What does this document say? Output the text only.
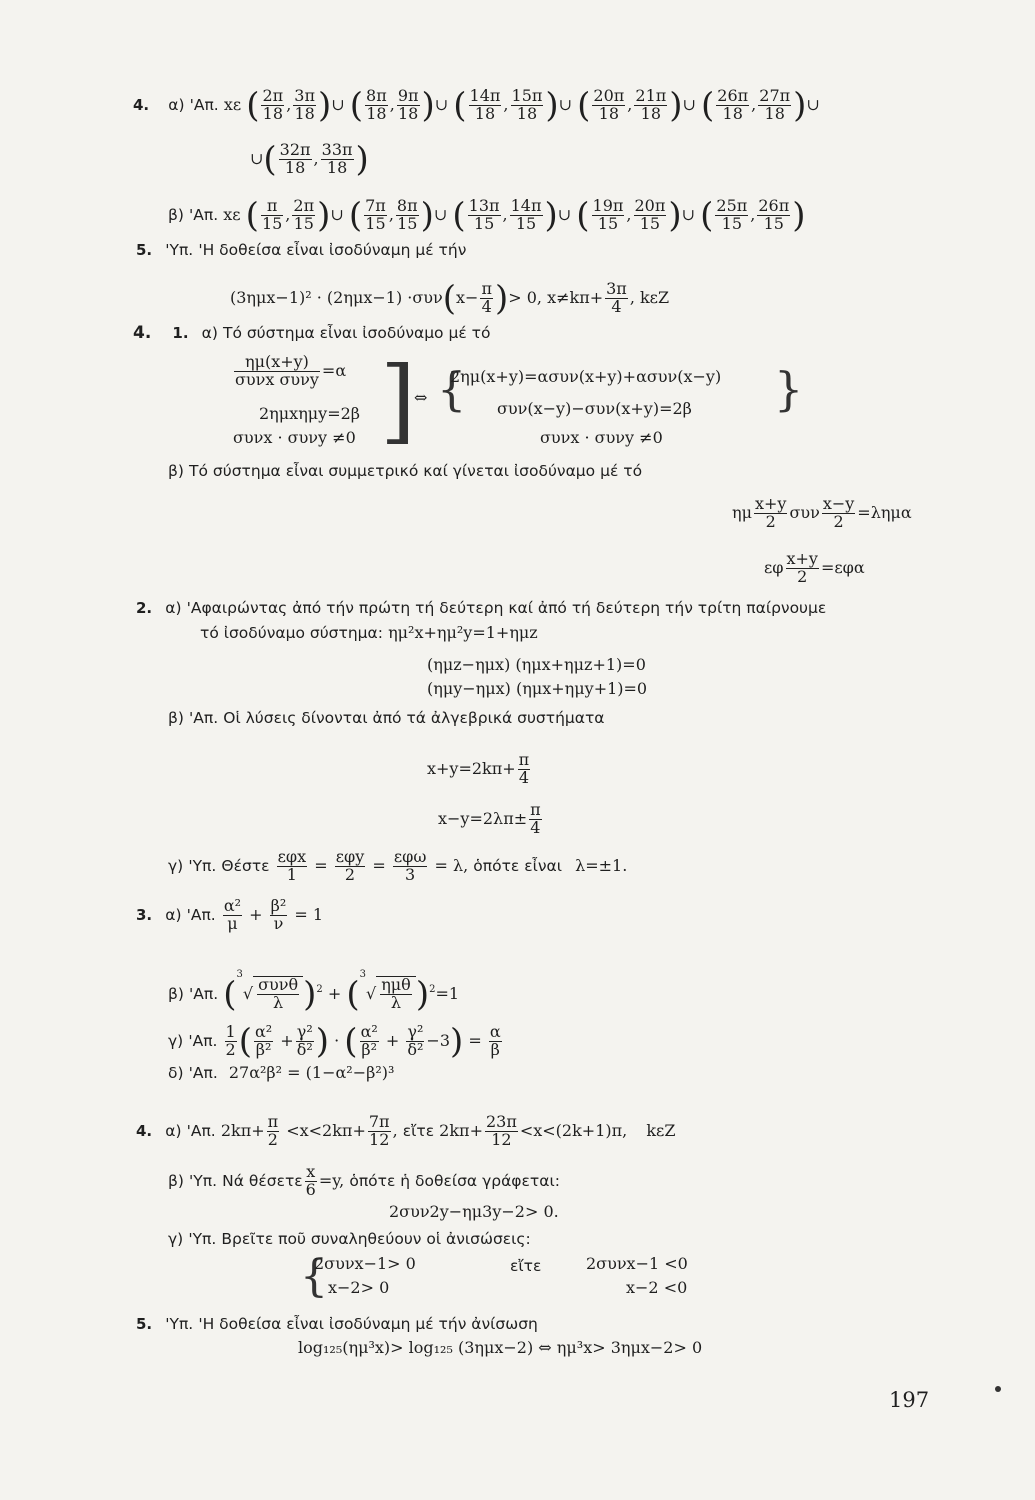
4. α) 'Απ. xε ( $\frac{2\pi}{18}$ , $\frac{3\pi}{18}$ )∪ ( $\frac{8\pi}{18}$ , $\frac{9\pi}{18}$ )∪ ( $\frac{14\pi}{18}$ , $\frac{15\pi}{18}$ )∪ ( $\frac{20\pi}{18}$ , $\frac{21\pi}{18}$ )∪ ( $\frac{26\pi}{18}$ , $\frac{27\pi}{18}$ )∪
∪( $\frac{32\pi}{18}$ , $\frac{33\pi}{18}$ )
β) 'Απ. xε ( $\frac{\pi}{15}$ , $\frac{2\pi}{15}$ )∪ ( $\frac{7\pi}{15}$ , $\frac{8\pi}{15}$ )∪ ( $\frac{13\pi}{15}$ , $\frac{14\pi}{15}$ )∪ ( $\frac{19\pi}{15}$ , $\frac{20\pi}{15}$ )∪ ( $\frac{25\pi}{15}$ , $\frac{26\pi}{15}$ )
5. 'Υπ. 'Η δοθείσα εἶναι ἰσοδύναμη μέ τήν
$(3\eta\mu x-1)^2 \cdot (2\eta\mu x-1) \cdot\sigma\upsilon\nu(x- \frac{\pi}{4}$ )> 0, $x\ne k\pi+ \frac{3\pi}{4}$ , kεZ
4. 1. α) Τό σύστημα εἶναι ἰσοδύναμο μέ τό
$\frac{\eta\mu(x+y)}{\text{συνx συνy}} =\alpha$
2ημxημy=2β
συνx · συνy ≠0 ]
⇔ {
2ημ(x+y)=ασυν(x+y)+ασυν(x−y)
συν(x−y)−συν(x+y)=2β }
συνx · συνy ≠0
β) Τό σύστημα εἶναι συμμετρικό καί γίνεται ἰσοδύναμο μέ τό
ημ $\frac{x+y}{2}$ συν $\frac{x-y}{2} =\lambda\eta\mu\alpha$
εφ $\frac{x+y}{2} =\varepsilon\varphi\alpha$
2. α) 'Αφαιρώντας ἀπό τήν πρώτη τή δεύτερη καί ἀπό τή δεύτερη τήν τρίτη παίρνουμε
τό ἰσοδύναμο σύστημα: ημ²x+ημ²y=1+ημz
(ημz−ημx) (ημx+ημz+1)=0
(ημy−ημx) (ημx+ημy+1)=0
β) 'Απ. Οἱ λύσεις δίνονται ἀπό τά ἀλγεβρικά συστήματα
$x+y=2k\pi+ \frac{\pi}{4}$
$x-y=2\lambda\pi\pm \frac{\pi}{4}$
γ) 'Υπ. Θέστε $\frac{\text{εφx}}{1} = \frac{\text{εφy}}{2} = \frac{\text{εφω}}{3} = \lambda$, ὁπότε εἶναι λ=±1.
3. α) 'Απ. $\frac{\text{α²}}{\mu} + \frac{\text{β²}}{\nu} = 1$
β) 'Απ. $(^3√ \frac{\text{συνθ}}{\lambda} )^2 + (^3√ \frac{\text{ημθ}}{\lambda} )^2=1$
γ) 'Απ. $\frac{1}{2}$ ( $\frac{\text{α²}}{\text{β²}} + \frac{\text{γ²}}{\text{δ²}}$ ) · ( $\frac{\text{α²}}{\text{β²}} + \frac{\text{γ²}}{\text{δ²}} -3) = \frac{\alpha}{\beta}$
δ) 'Απ. 27α²β² = (1−α²−β²)³
4. α) 'Απ. $2k\pi+ \frac{\pi}{2} <x<2k\pi+ \frac{7\pi}{12}$ , εἴτε $2k\pi+ \frac{23\pi}{12} <x<(2k+1)\pi$, kεZ
β) 'Υπ. Νά θέσετε $\frac{x}{6} =y$, ὁπότε ἡ δοθείσα γράφεται:
2συν2y−ημ3y−2> 0.
γ) 'Υπ. Βρεῖτε ποῦ συναληθεύουν οἱ ἀνισώσεις:
{
2συνx−1> 0
x−2> 0
εἴτε	2συνx−1 <0
x−2 <0
5. 'Υπ. 'Η δοθείσα εἶναι ἰσοδύναμη μέ τήν ἀνίσωση
log₁₂₅(ημ³x)> log₁₂₅ (3ημx−2) ⇔ ημ³x> 3ημx−2> 0
197
